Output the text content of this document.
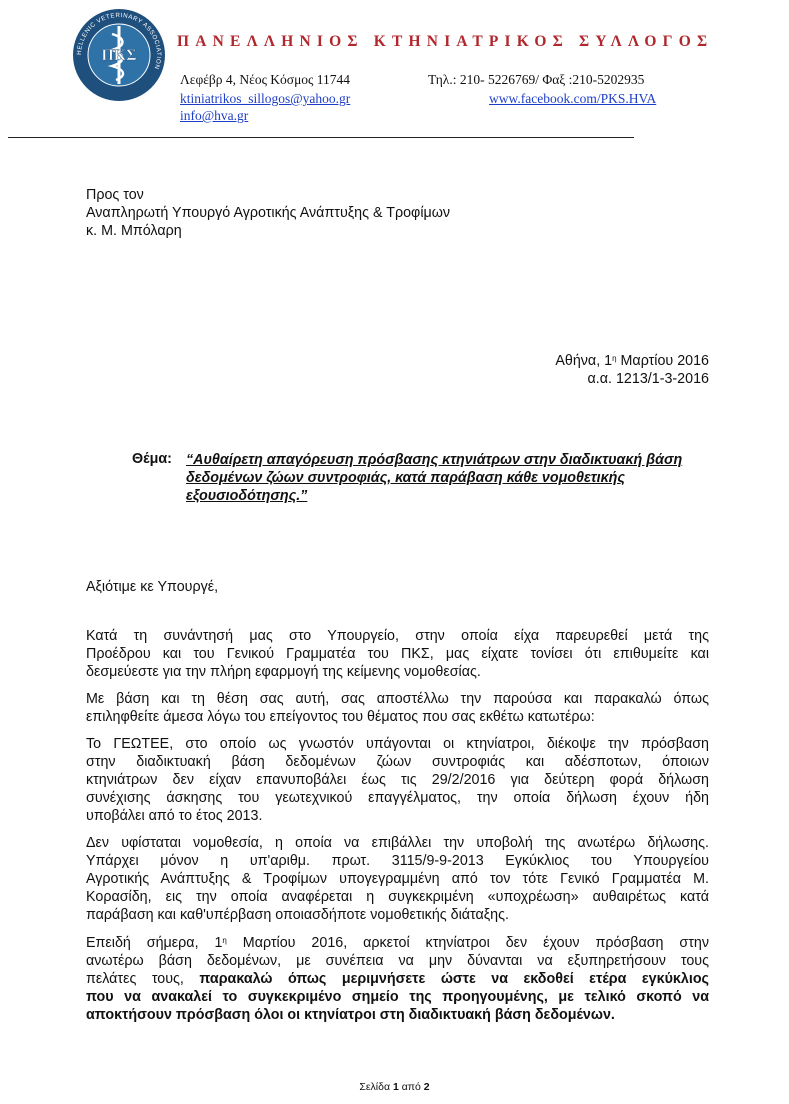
HELLENIC VETERINARY ASSOCIATION
ΠΚΣ
ΠΑΝΕΛΛΗΝΙΟΣ ΚΤΗΝΙΑΤΡΙΚΟΣ ΣΥΛΛΟΓΟΣ
Λεφέβρ 4, Νέος Κόσμος 11744	Τηλ.: 210- 5226769/ Φαξ :210-5202935
ktiniatrikos_sillogos@yahoo.gr	www.facebook.com/PKS.HVA
info@hva.gr
Προς τον
Αναπληρωτή Υπουργό Αγροτικής Ανάπτυξης & Τροφίμων
κ. Μ. Μπόλαρη
Αθήνα, $1^\eta$ Μαρτίου 2016
α.α. 1213/1-3-2016
Θέμα: “Αυθαίρετη απαγόρευση πρόσβασης κτηνιάτρων στην διαδικτυακή βάση δεδομένων ζώων συντροφιάς, κατά παράβαση κάθε νομοθετικής εξουσιοδότησης.”
Αξιότιμε κε Υπουργέ,
Κατά τη συνάντησή μας στο Υπουργείο, στην οποία είχα παρευρεθεί μετά της
Προέδρου και του Γενικού Γραμματέα του ΠΚΣ, μας είχατε τονίσει ότι επιθυμείτε και
δεσμεύεστε για την πλήρη εφαρμογή της κείμενης νομοθεσίας.
Με βάση και τη θέση σας αυτή, σας αποστέλλω την παρούσα και παρακαλώ όπως
επιληφθείτε άμεσα λόγω του επείγοντος του θέματος που σας εκθέτω κατωτέρω:
Το ΓΕΩΤΕΕ, στο οποίο ως γνωστόν υπάγονται οι κτηνίατροι, διέκοψε την πρόσβαση
στην διαδικτυακή βάση δεδομένων ζώων συντροφιάς και αδέσποτων, όποιων
κτηνιάτρων δεν είχαν επανυποβάλει έως τις 29/2/2016 για δεύτερη φορά δήλωση
συνέχισης άσκησης του γεωτεχνικού επαγγέλματος, την οποία δήλωση έχουν ήδη
υποβάλει από το έτος 2013.
Δεν υφίσταται νομοθεσία, η οποία να επιβάλλει την υποβολή της ανωτέρω δήλωσης.
Υπάρχει μόνον η υπ'αριθμ. πρωτ. 3115/9-9-2013 Εγκύκλιος του Υπουργείου
Αγροτικής Ανάπτυξης & Τροφίμων υπογεγραμμένη από τον τότε Γενικό Γραμματέα Μ.
Κορασίδη, εις την οποία αναφέρεται η συγκεκριμένη «υποχρέωση» αυθαιρέτως κατά
παράβαση και καθ'υπέρβαση οποιασδήποτε νομοθετικής διάταξης.
Επειδή σήμερα, $1^\eta$ Μαρτίου 2016, αρκετοί κτηνίατροι δεν έχουν πρόσβαση στην
ανωτέρω βάση δεδομένων, με συνέπεια να μην δύνανται να εξυπηρετήσουν τους
πελάτες τους, παρακαλώ όπως μεριμνήσετε ώστε να εκδοθεί ετέρα εγκύκλιος
που να ανακαλεί το συγκεκριμένο σημείο της προηγουμένης, με τελικό σκοπό να
αποκτήσουν πρόσβαση όλοι οι κτηνίατροι στη διαδικτυακή βάση δεδομένων.
Σελίδα 1 από 2
